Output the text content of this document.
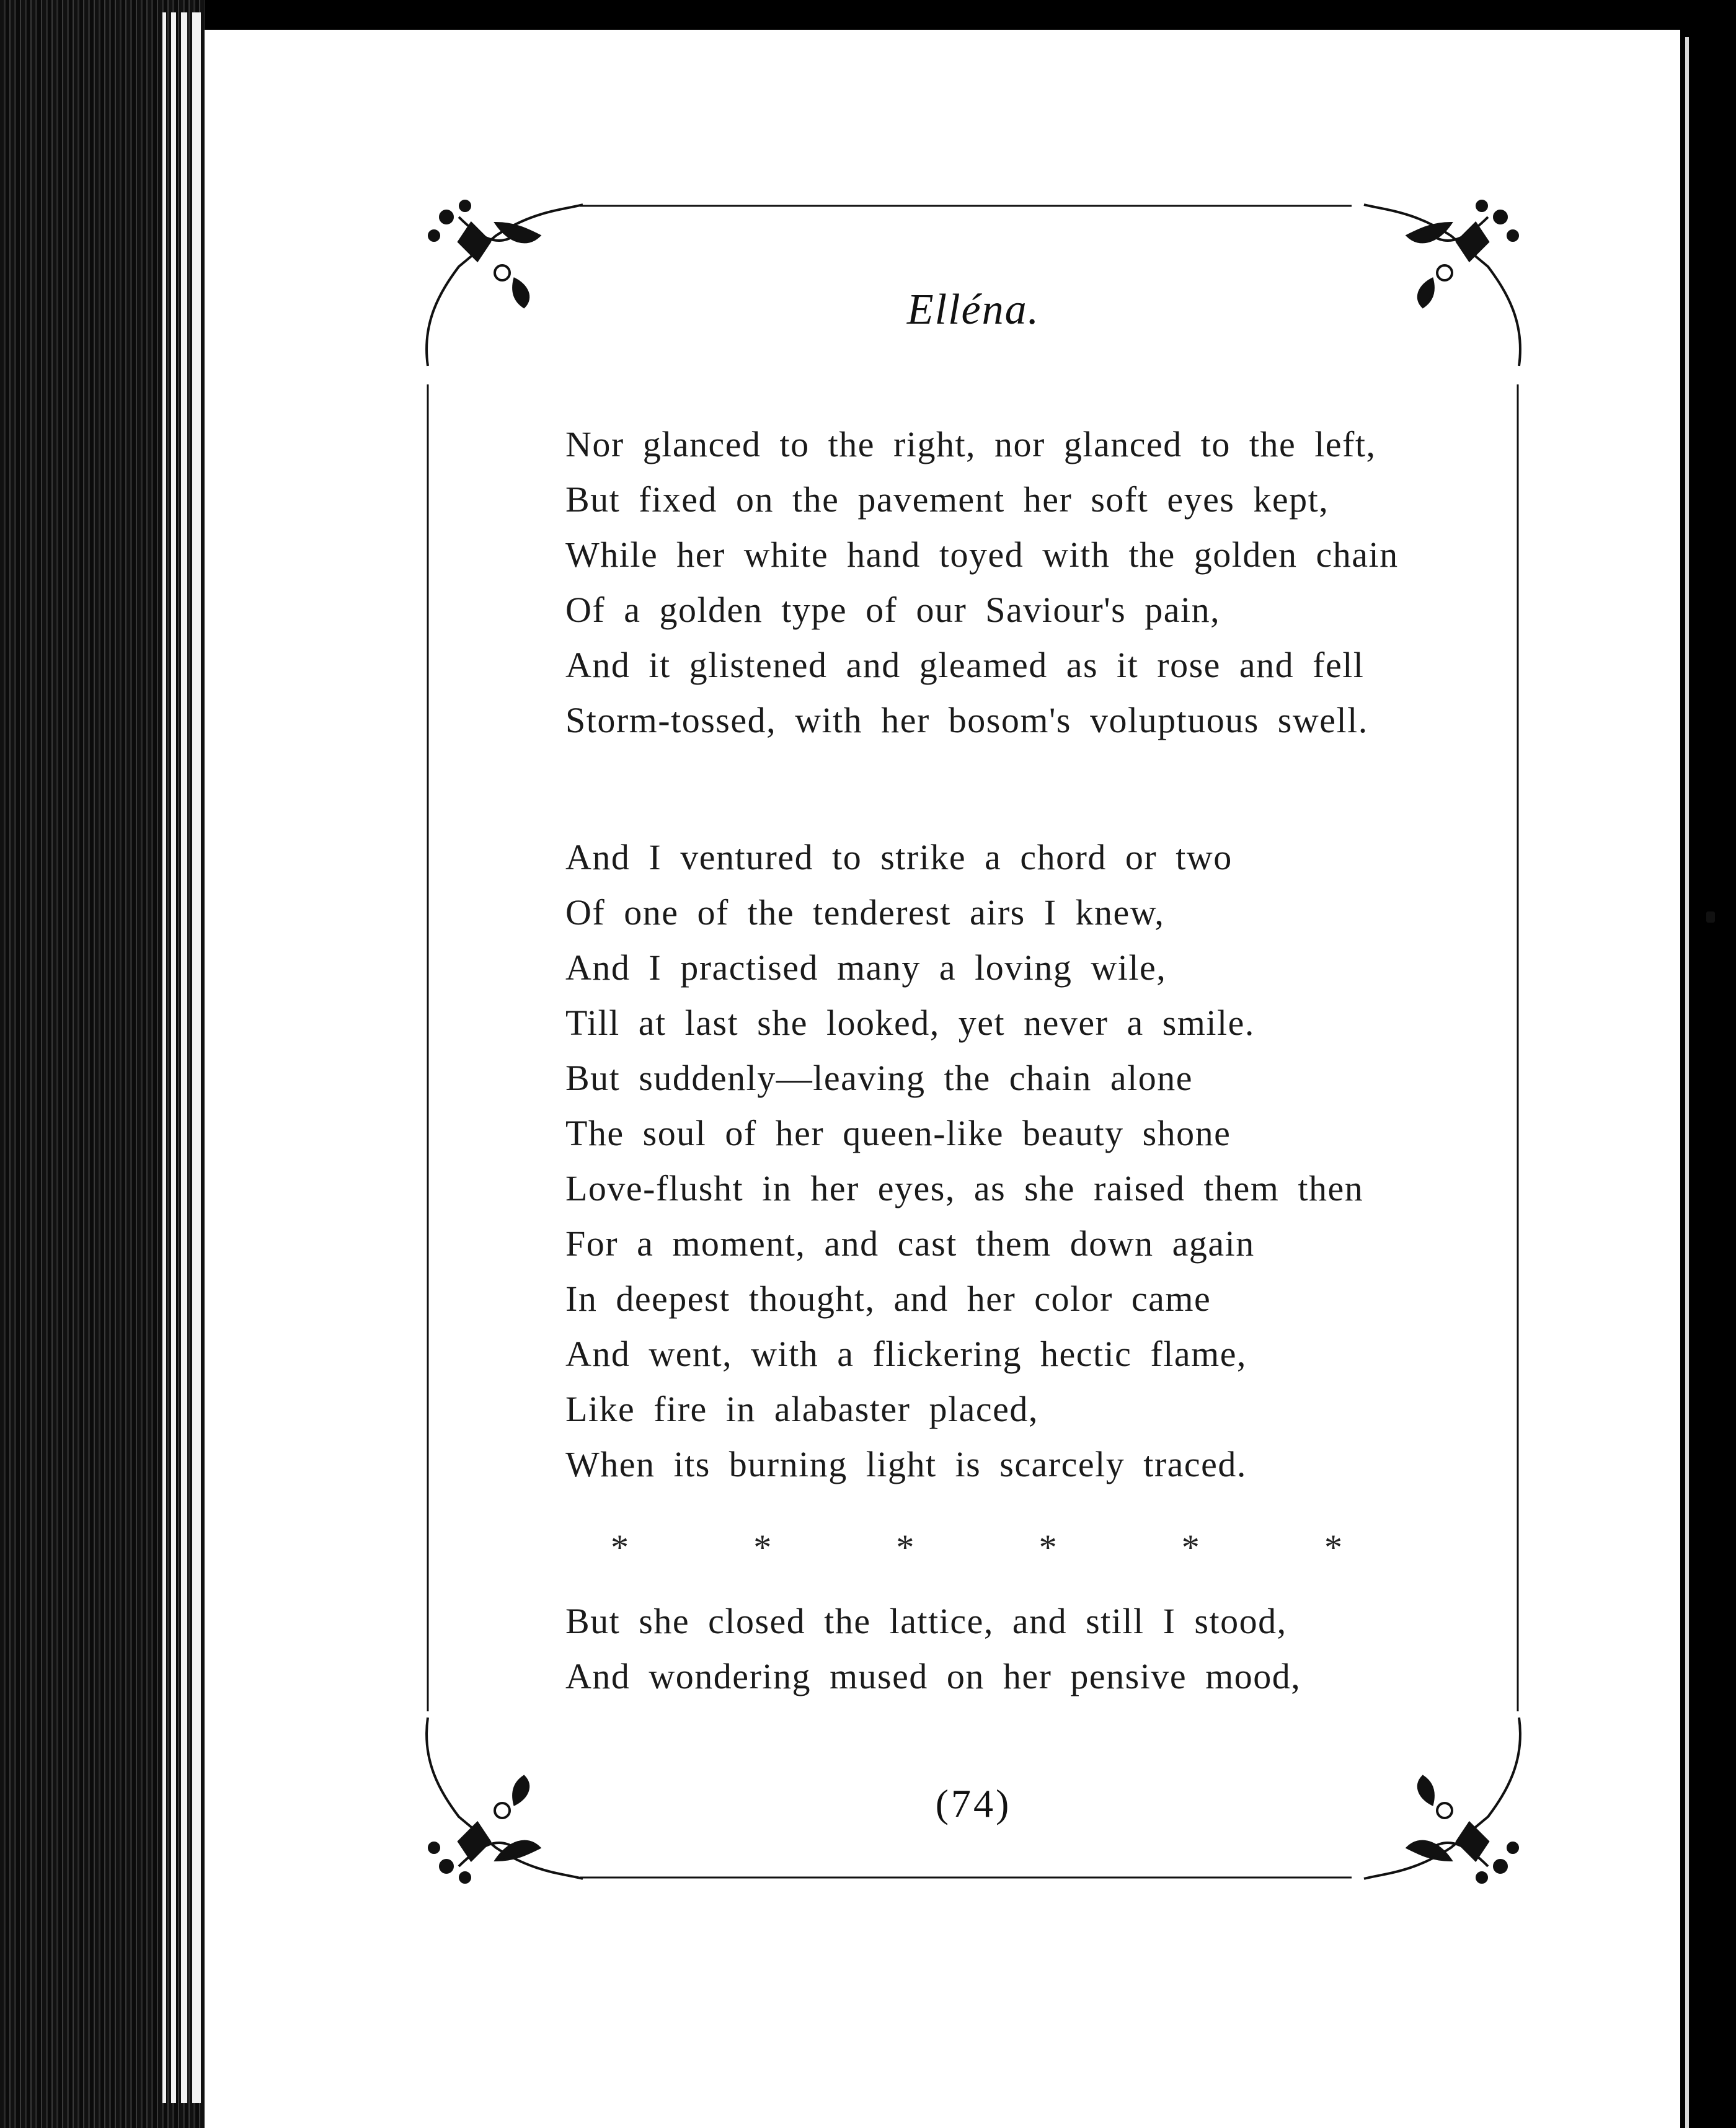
Elléna.
Nor glanced to the right, nor glanced to the left,
But fixed on the pavement her soft eyes kept,
While her white hand toyed with the golden chain
Of a golden type of our Saviour's pain,
And it glistened and gleamed as it rose and fell
Storm-tossed, with her bosom's voluptuous swell.
And I ventured to strike a chord or two
Of one of the tenderest airs I knew,
And I practised many a loving wile,
Till at last she looked, yet never a smile.
But suddenly—leaving the chain alone
The soul of her queen-like beauty shone
Love-flusht in her eyes, as she raised them then
For a moment, and cast them down again
In deepest thought, and her color came
And went, with a flickering hectic flame,
Like fire in alabaster placed,
When its burning light is scarcely traced.
*	*	*	*	*	*
But she closed the lattice, and still I stood,
And wondering mused on her pensive mood,
(74)
